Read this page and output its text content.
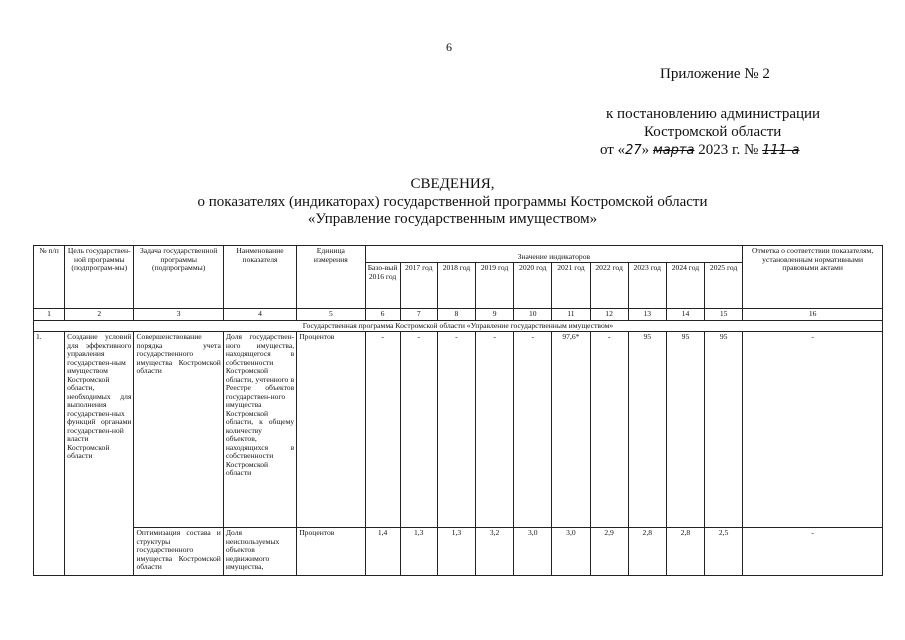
6
Приложение № 2
к постановлению администрации
Костромской области
от «27» марта 2023 г. № 111-а
СВЕДЕНИЯ,
о показателях (индикаторах) государственной программы Костромской области
«Управление государственным имуществом»
№ п/п	Цель государствен-ной программы (подпрограм-мы)	Задача государственной программы (подпрограммы)	Наименование показателя	Единица измерения	Значение индикаторов										Отметка о соответствии показателям, установленным нормативными правовыми актами
					Базо-вый 2016 год	2017 год	2018 год	2019 год	2020 год	2021 год	2022 год	2023 год	2024 год	2025 год	
1	2	3	4	5	6	7	8	9	10	11	12	13	14	15	16
Государственная программа Костромской области «Управление государственным имуществом»															
1.	Создание условий для эффективного управления государствен-ным имуществом Костромской области, необходимых для выполнения государствен-ных функций органами государствен-ной власти Костромской области	Совершенствование порядка учета государственного имущества Костромской области	Доля государствен-ного имущества, находящегося в собственности Костромской области, учтенного в Реестре объектов государствен-ного имущества Костромской области, к общему количеству объектов, находящихся в собственности Костромской области	Процентов	-	-	-	-	-	97,6*	-	95	95	95	-
		Оптимизация состава и структуры государственного имущества Костромской области	Доля неиспользуемых объектов недвижимого имущества,	Процентов	1,4	1,3	1,3	3,2	3,0	3,0	2,9	2,8	2,8	2,5	-
